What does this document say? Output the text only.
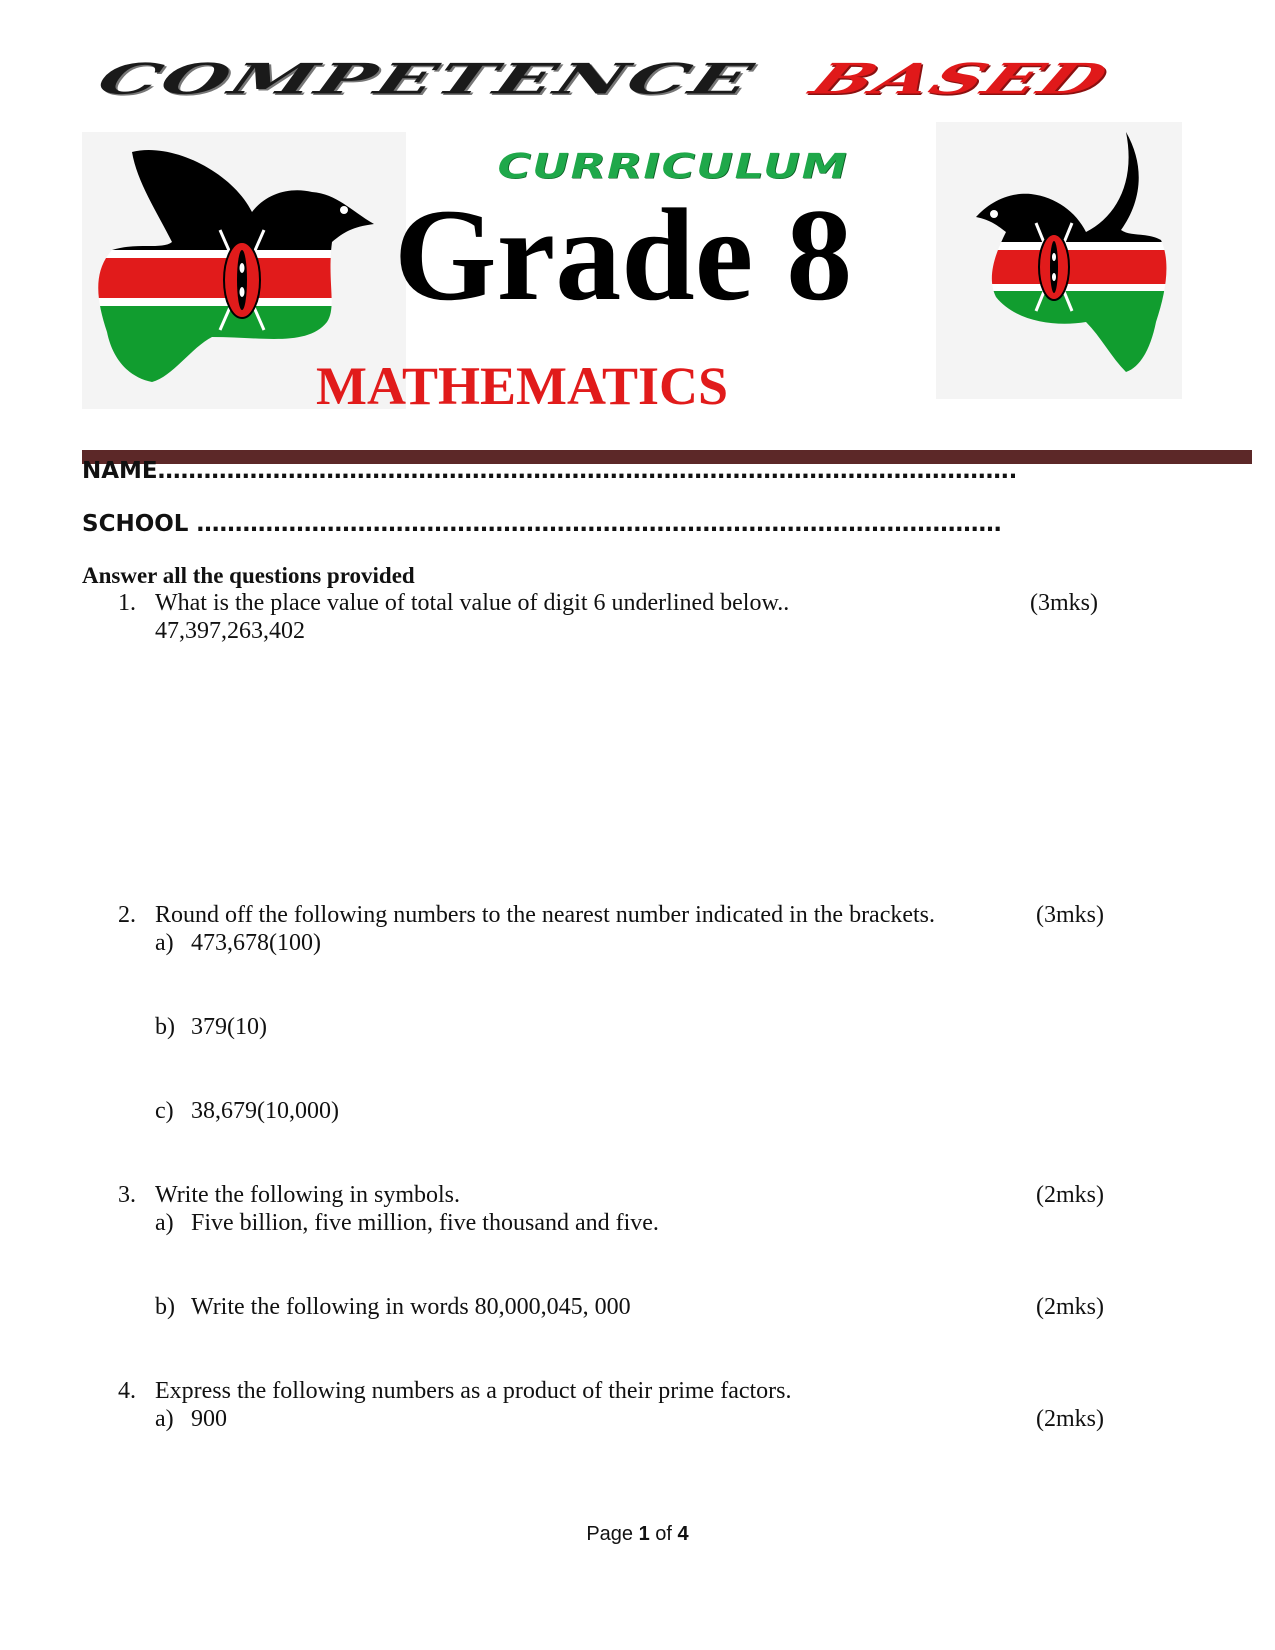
COMPETENCE BASED
CURRICULUM
Grade 8
MATHEMATICS
NAME………………………………………………………………………………………………….
SCHOOL ……………………………………………………………………………………………
Answer all the questions provided
1. What is the place value of total value of digit 6 underlined below..	(3mks)
47,397,263,402
2. Round off the following numbers to the nearest number indicated in the brackets.	(3mks)
a) 473,678(100)
b) 379(10)
c) 38,679(10,000)
3. Write the following in symbols.	(2mks)
a) Five billion, five million, five thousand and five.
b) Write the following in words 80,000,045, 000	(2mks)
4. Express the following numbers as a product of their prime factors.
a) 900	(2mks)
Page 1 of 4
